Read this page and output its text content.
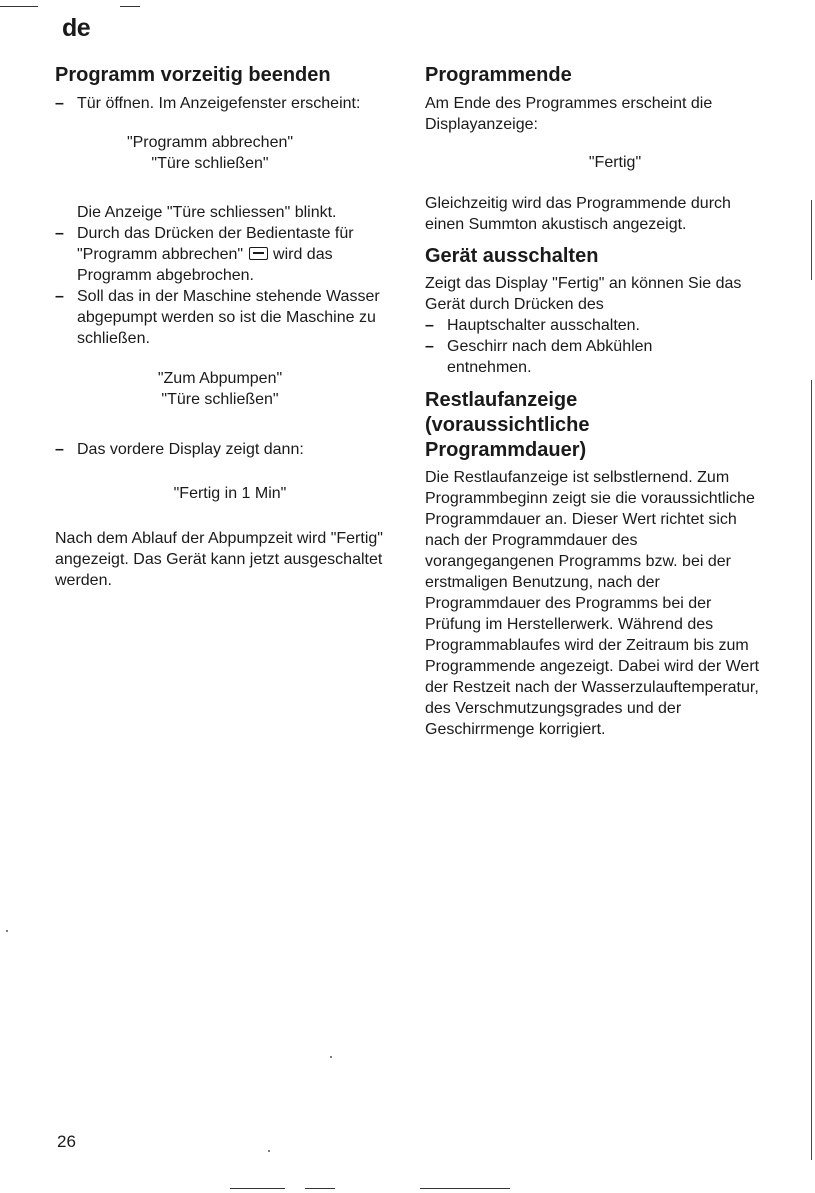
de
Programm vorzeitig beenden
– Tür öffnen. Im Anzeigefenster erscheint:

"Programm abbrechen"

"Türe schließen"

Die Anzeige "Türe schliessen" blinkt.

– Durch das Drücken der Bedientaste für "Programm abbrechen" wird das Programm abgebrochen.
– Soll das in der Maschine stehende Wasser abgepumpt werden so ist die Maschine zu schließen.

"Zum Abpumpen"

"Türe schließen"

– Das vordere Display zeigt dann:

"Fertig in 1 Min"

Nach dem Ablauf der Abpumpzeit wird "Fertig" angezeigt. Das Gerät kann jetzt ausgeschaltet werden.

Programmende

Am Ende des Programmes erscheint die Displayanzeige:

"Fertig"

Gleichzeitig wird das Programmende durch einen Summton akustisch angezeigt.

Gerät ausschalten

Zeigt das Display "Fertig" an können Sie das Gerät durch Drücken des

– Hauptschalter ausschalten.
– Geschirr nach dem Abkühlen entnehmen.
Restlaufanzeige
(voraussichtliche
Programmdauer)

Die Restlaufanzeige ist selbstlernend. Zum Programmbeginn zeigt sie die voraussichtliche Programmdauer an. Dieser Wert richtet sich nach der Programmdauer des vorangegangenen Programms bzw. bei der erstmaligen Benutzung, nach der Programmdauer des Programms bei der Prüfung im Herstellerwerk. Während des Programmablaufes wird der Zeitraum bis zum Programmende angezeigt. Dabei wird der Wert der Restzeit nach der Wasserzulauftemperatur, des Verschmutzungsgrades und der Geschirrmenge korrigiert.

26
